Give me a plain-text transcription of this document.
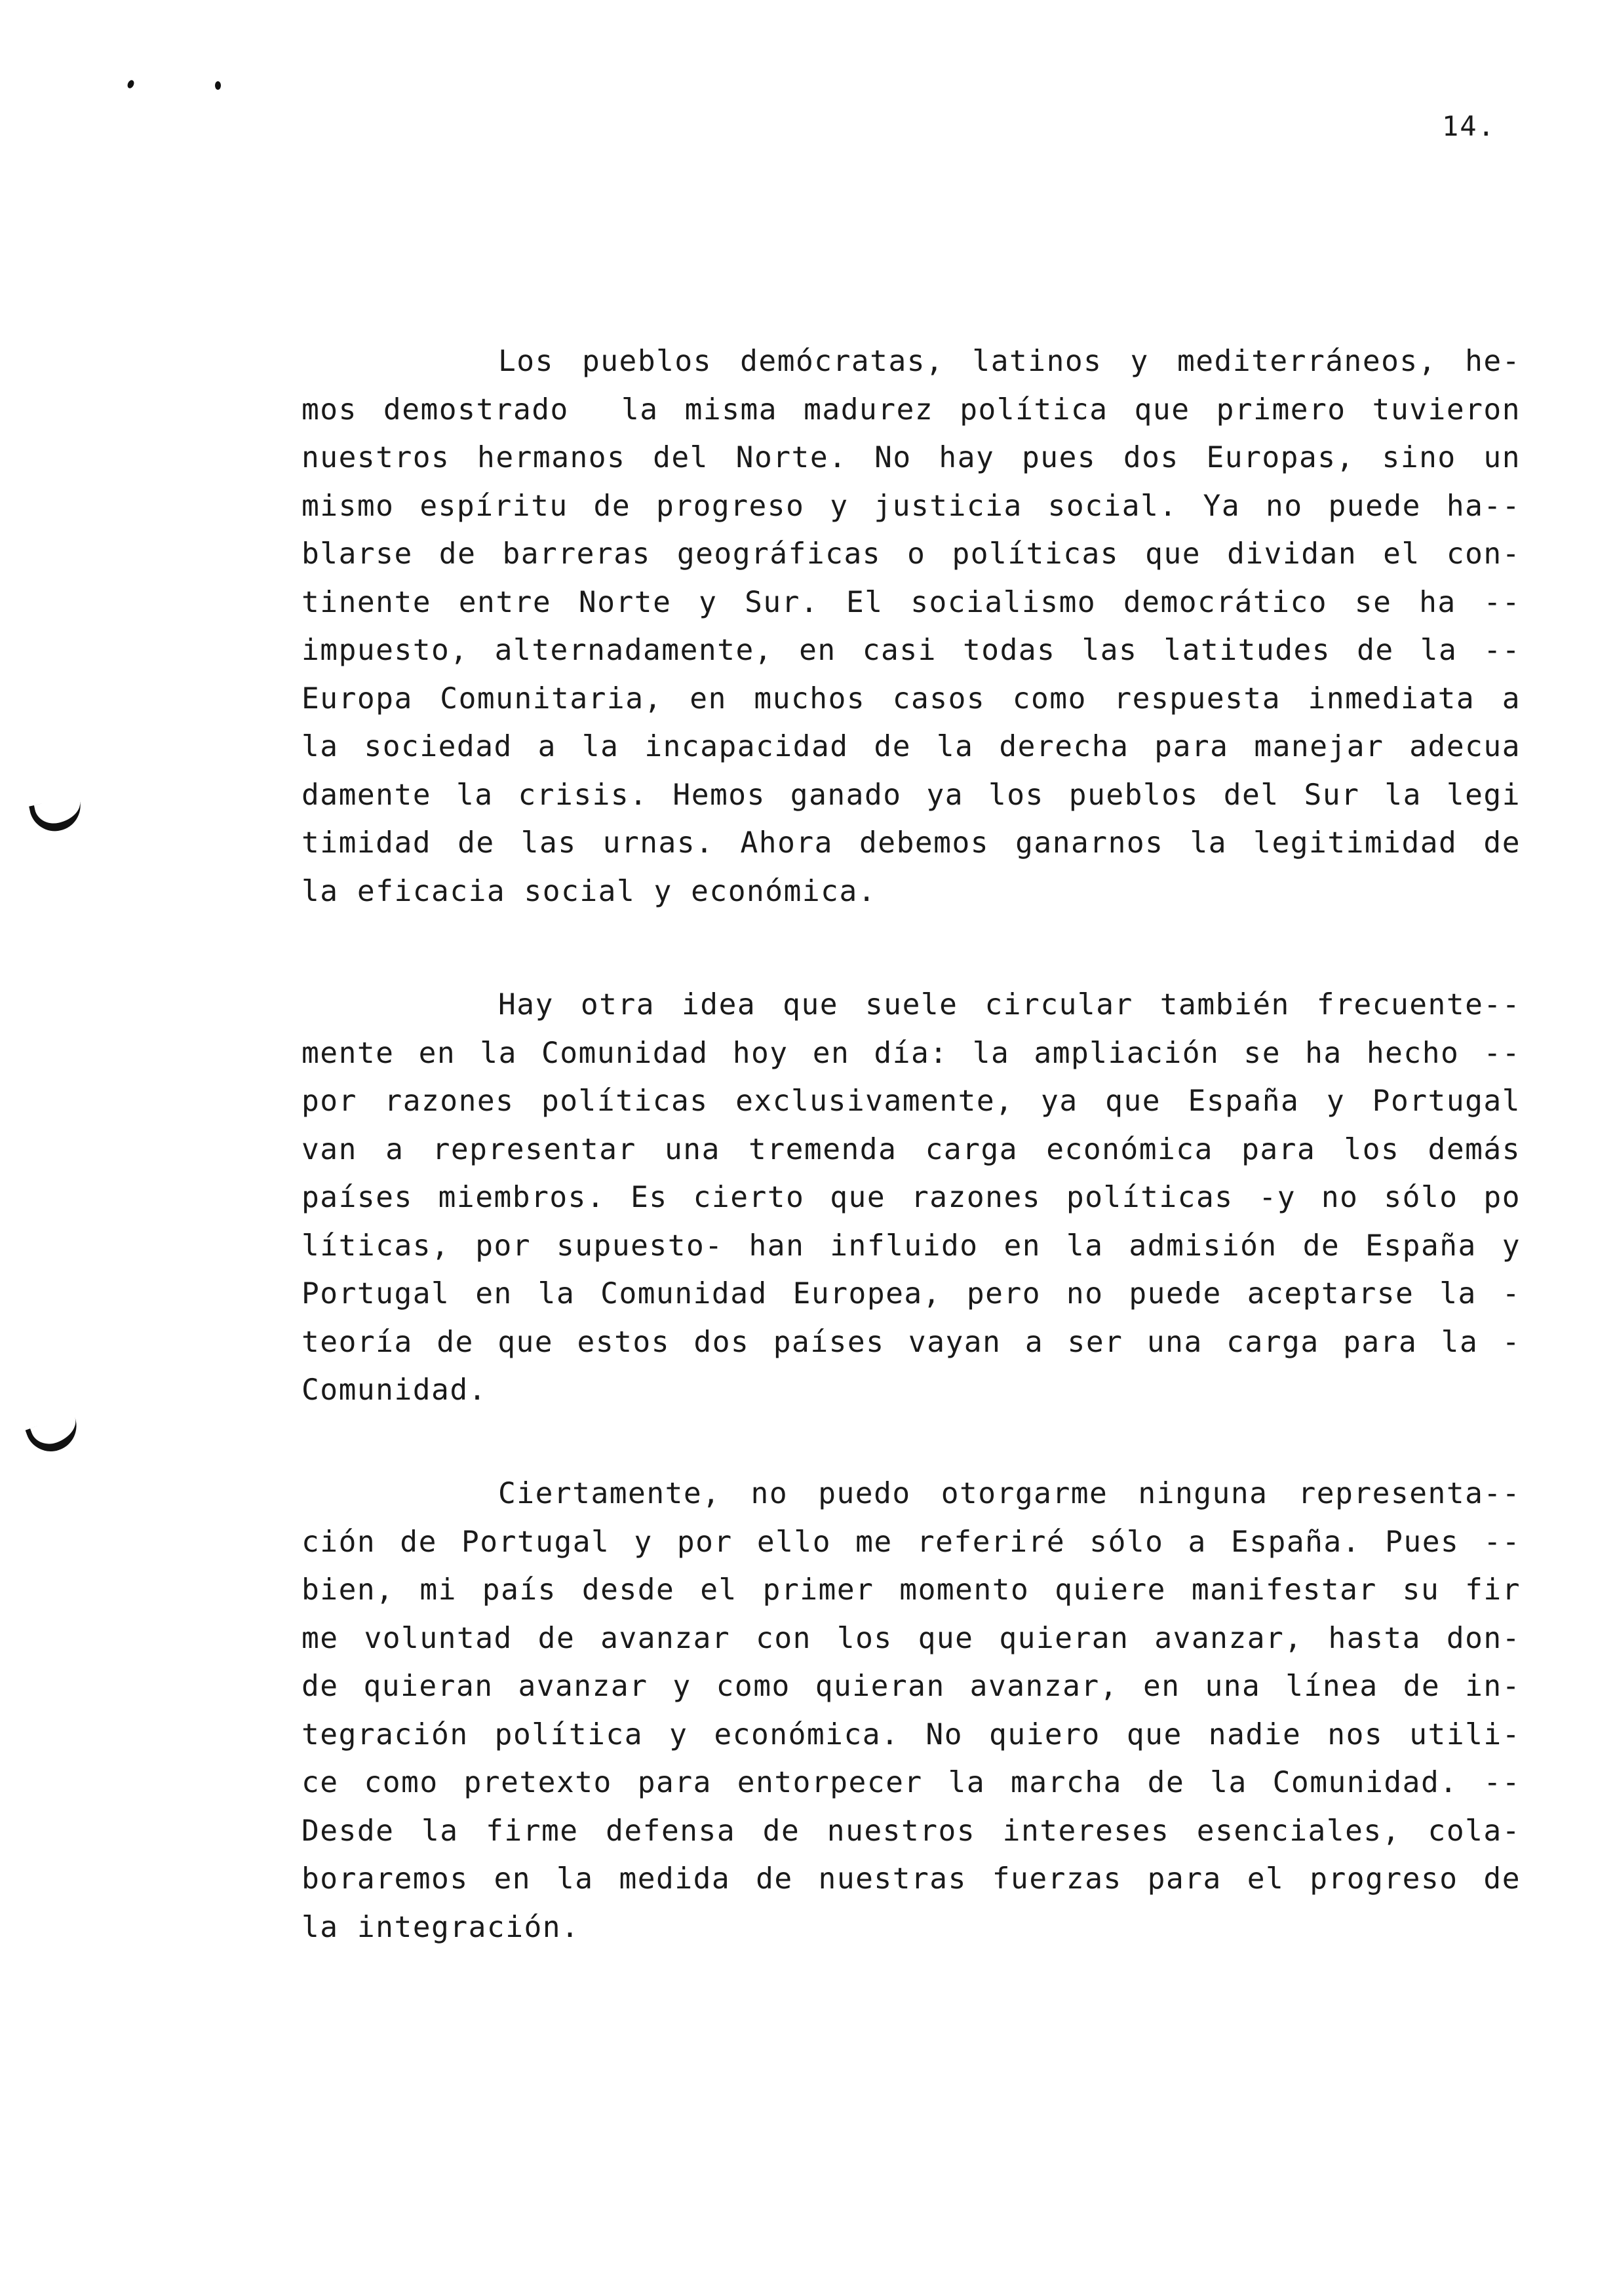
14.
Los pueblos demócratas, latinos y mediterráneos, he-
mos demostrado  la misma madurez política que primero tuvieron
nuestros hermanos del Norte. No hay pues dos Europas, sino un
mismo espíritu de progreso y justicia social. Ya no puede ha--
blarse de barreras geográficas o políticas que dividan el con-
tinente entre Norte y Sur. El socialismo democrático se ha --
impuesto, alternadamente, en casi todas las latitudes de la --
Europa Comunitaria, en muchos casos como respuesta inmediata a
la sociedad a la incapacidad de la derecha para manejar adecua
damente la crisis. Hemos ganado ya los pueblos del Sur la legi
timidad de las urnas. Ahora debemos ganarnos la legitimidad de
la eficacia social y económica.
Hay otra idea que suele circular también frecuente--
mente en la Comunidad hoy en día: la ampliación se ha hecho --
por razones políticas exclusivamente, ya que España y Portugal
van a representar una tremenda carga económica para los demás
países miembros. Es cierto que razones políticas -y no sólo po
líticas, por supuesto- han influido en la admisión de España y
Portugal en la Comunidad Europea, pero no puede aceptarse la -
teoría de que estos dos países vayan a ser una carga para la -
Comunidad.
Ciertamente, no puedo otorgarme ninguna representa--
ción de Portugal y por ello me referiré sólo a España. Pues --
bien, mi país desde el primer momento quiere manifestar su fir
me voluntad de avanzar con los que quieran avanzar, hasta don-
de quieran avanzar y como quieran avanzar, en una línea de in-
tegración política y económica. No quiero que nadie nos utili-
ce como pretexto para entorpecer la marcha de la Comunidad. --
Desde la firme defensa de nuestros intereses esenciales, cola-
boraremos en la medida de nuestras fuerzas para el progreso de
la integración.
